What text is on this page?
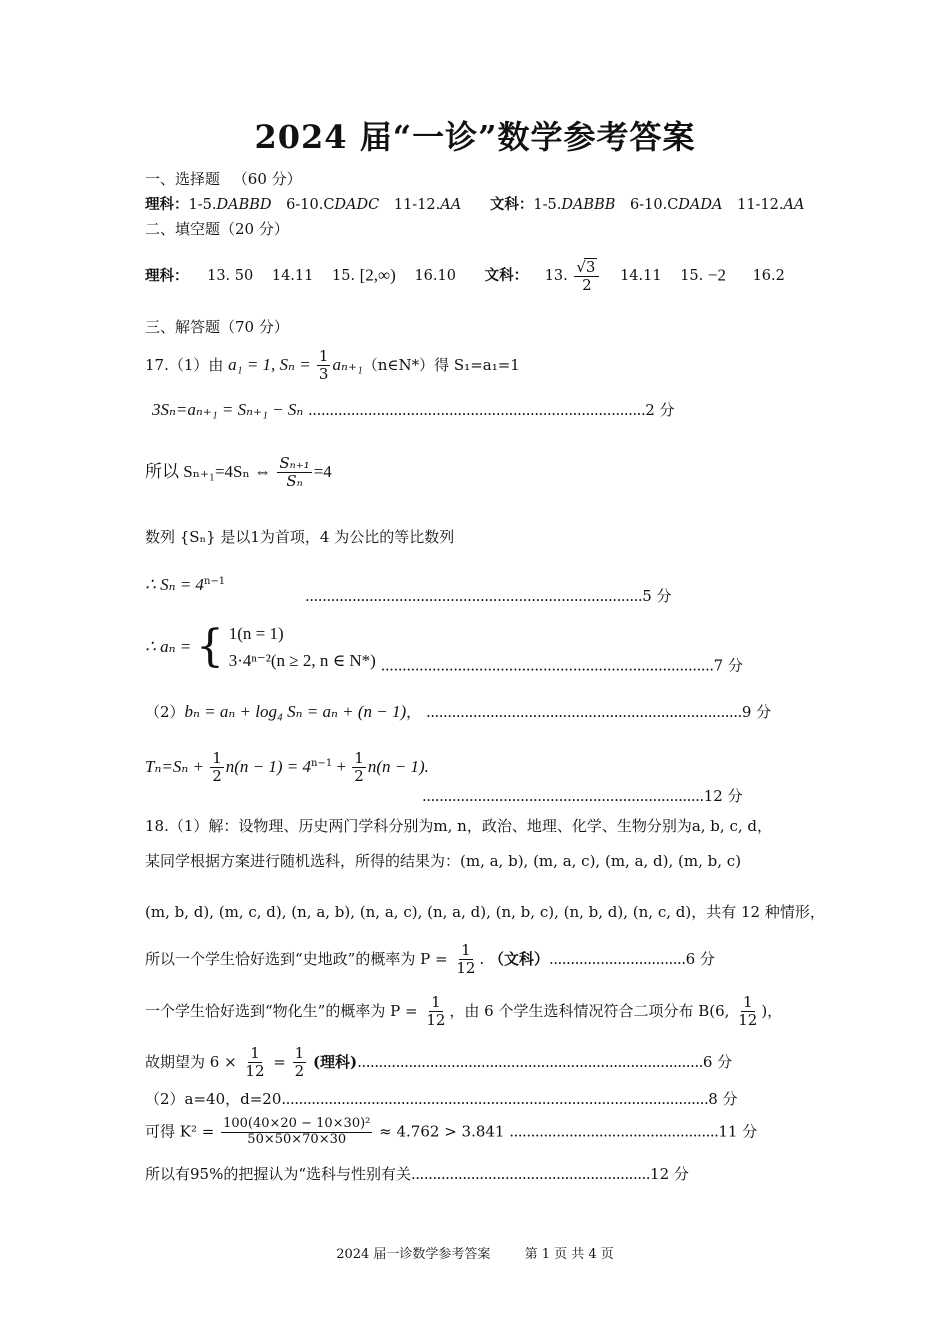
2024 届“一诊”数学参考答案
一、选择题 （60 分）
理科：1-5.DABBD 6-10.CDADC 11-12.AA 文科：1-5.DABBB 6-10.CDADA 11-12.AA
二、填空题（20 分）
理科： 13. 50 14.11 15. [2,∞) 16.10 文科： 13. $\frac{√3}{2} 14.11$ 15. −2 16.2
三、解答题（70 分）
17.（1）由 a₁ = 1, $S_n = \frac{1}{3}$ aₙ₊₁（n∈N*）得 S₁=a₁=1
3Sₙ=aₙ₊₁ = Sₙ₊₁ − Sₙ ...............................................................................2 分
所以 Sₙ₊₁=4Sₙ ⇔ $\frac{\text{Sₙ₊₁}}{\text{Sₙ}} =4$
数列 {Sₙ} 是以1为首项，4 为公比的等比数列
∴ $S_n = 4^{n-1}$
...............................................................................5 分
∴ aₙ = { 1(n = 1)
3·4ⁿ⁻²(n ≥ 2, n ∈ N*) ..............................................................................7 分
（2）bₙ = aₙ + log₄ Sₙ = aₙ + (n − 1)， ..........................................................................9 分
$T_n=S_n + \frac{1}{2} n(n - 1) = 4^{n-1} + \frac{1}{2} n(n - 1)$.
..................................................................12 分
18.（1）解：设物理、历史两门学科分别为m, n，政治、地理、化学、生物分别为a, b, c, d，
某同学根据方案进行随机选科，所得的结果为：(m, a, b), (m, a, c), (m, a, d), (m, b, c)
(m, b, d), (m, c, d), (n, a, b), (n, a, c), (n, a, d), (n, b, c), (n, b, d), (n, c, d)，共有 12 种情形，
所以一个学生恰好选到“史地政”的概率为 $P = \frac{1}{12}$ . （文科）................................6 分
一个学生恰好选到“物化生”的概率为 $P = \frac{1}{12}$ ，由 6 个学生选科情况符合二项分布 B(6, $\frac{1}{12}$ )，
故期望为 $6 \times \frac{1}{12} = \frac{1}{2}$ (理科).................................................................................6 分
（2）a=40，d=20....................................................................................................8 分
可得 $K^2 = \frac{\text{100(40×20 − 10×30)²}}{50\times 50\times 70\times 30} \approx 4.762 > 3.841$ .................................................11 分
所以有95%的把握认为“选科与性别有关........................................................12 分
2024 届一诊数学参考答案	第 1 页 共 4 页
